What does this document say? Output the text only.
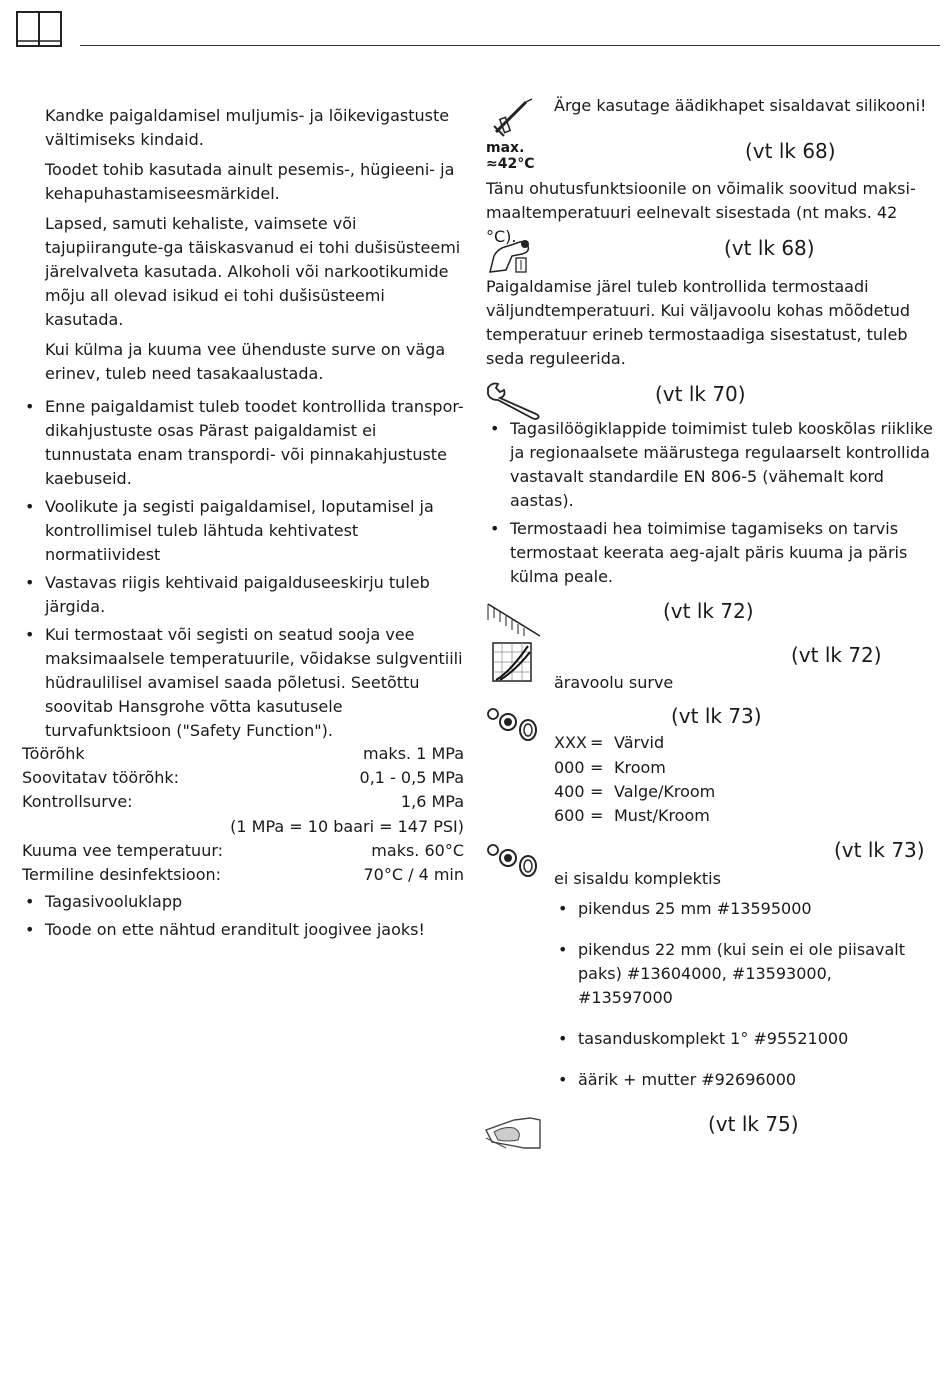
Kandke paigaldamisel muljumis- ja lõikevigastuste vältimiseks kindaid.

Toodet tohib kasutada ainult pesemis-, hügieeni- ja kehapuhastamiseesmärkidel.

Lapsed, samuti kehaliste, vaimsete või tajupiirangute-ga täiskasvanud ei tohi dušisüsteemi järelvalveta kasutada. Alkoholi või narkootikumide mõju all olevad isikud ei tohi dušisüsteemi kasutada.

Kui külma ja kuuma vee ühenduste surve on väga erinev, tuleb need tasakaalustada.

• Enne paigaldamist tuleb toodet kontrollida transpor-dikahjustuste osas Pärast paigaldamist ei tunnustata enam transpordi- või pinnakahjustuste kaebuseid.
• Voolikute ja segisti paigaldamisel, loputamisel ja kontrollimisel tuleb lähtuda kehtivatest normatiividest
• Vastavas riigis kehtivaid paigalduseeskirju tuleb järgida.
• Kui termostaat või segisti on seatud sooja vee maksimaalsele temperatuurile, võidakse sulgventiili hüdraulilisel avamisel saada põletusi. Seetõttu soovitab Hansgrohe võtta kasutusele turvafunktsioon ("Safety Function").
Töörõhk	maks. 1 MPa
Soovitatav töörõhk:	0,1 - 0,5 MPa
Kontrollsurve:	1,6 MPa
(1 MPa = 10 baari = 147 PSI)
Kuuma vee temperatuur:	maks. 60°C
Termiline desinfektsioon:	70°C / 4 min
• Tagasivooluklapp
• Toode on ette nähtud eranditult joogivee jaoks!
Ärge kasutage äädikhapet sisaldavat silikooni!
max.
≈42°C
(vt lk 68)
Tänu ohutusfunktsioonile on võimalik soovitud maksi-maaltemperatuuri eelnevalt sisestada (nt maks. 42 °C).	(vt lk 68)
Paigaldamise järel tuleb kontrollida termostaadi väljundtemperatuuri. Kui väljavoolu kohas mõõdetud temperatuur erineb termostaadiga sisestatust, tuleb seda reguleerida.
(vt lk 70)
• Tagasilöögiklappide toimimist tuleb kooskõlas riiklike ja regionaalsete määrustega regulaarselt kontrollida vastavalt standardile EN 806-5 (vähemalt kord aastas).
• Termostaadi hea toimimise tagamiseks on tarvis termostaat keerata aeg-ajalt päris kuuma ja päris külma peale.
(vt lk 72)
(vt lk 72)
äravoolu surve
(vt lk 73)
XXX = Värvid
000 = Kroom
400 = Valge/Kroom
600 = Must/Kroom
(vt lk 73)
ei sisaldu komplektis
• pikendus 25 mm #13595000
• pikendus 22 mm (kui sein ei ole piisavalt paks) #13604000, #13593000, #13597000
• tasanduskomplekt 1° #95521000
• äärik + mutter #92696000
(vt lk 75)
